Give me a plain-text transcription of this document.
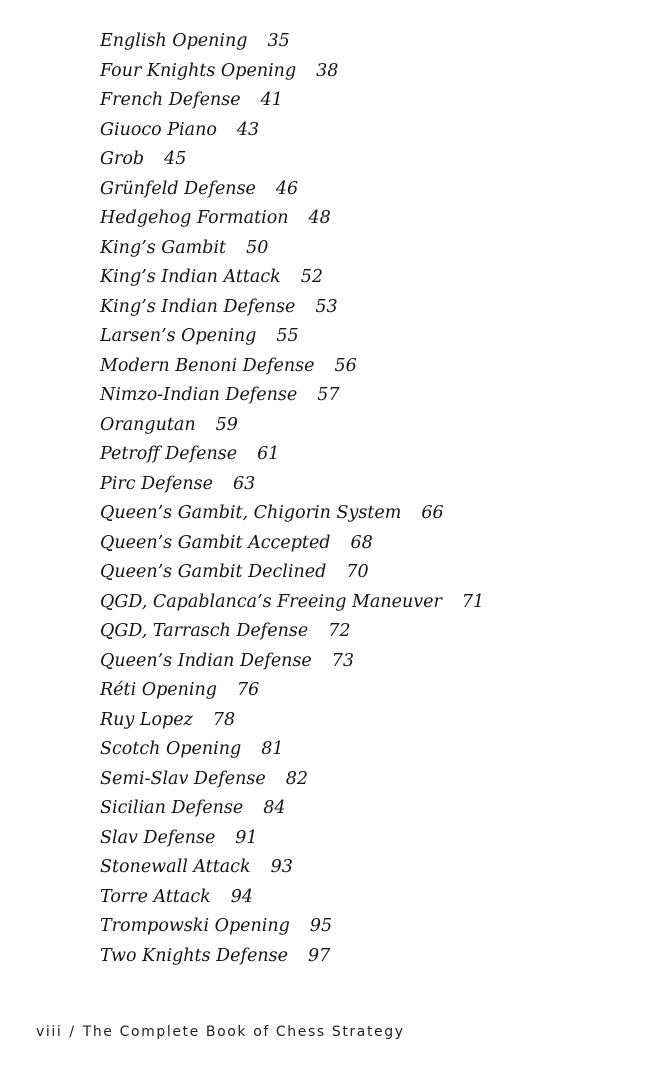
English Opening 35
Four Knights Opening 38
French Defense 41
Giuoco Piano 43
Grob 45
Grünfeld Defense 46
Hedgehog Formation 48
King’s Gambit 50
King’s Indian Attack 52
King’s Indian Defense 53
Larsen’s Opening 55
Modern Benoni Defense 56
Nimzo-Indian Defense 57
Orangutan 59
Petroff Defense 61
Pirc Defense 63
Queen’s Gambit, Chigorin System 66
Queen’s Gambit Accepted 68
Queen’s Gambit Declined 70
QGD, Capablanca’s Freeing Maneuver 71
QGD, Tarrasch Defense 72
Queen’s Indian Defense 73
Réti Opening 76
Ruy Lopez 78
Scotch Opening 81
Semi-Slav Defense 82
Sicilian Defense 84
Slav Defense 91
Stonewall Attack 93
Torre Attack 94
Trompowski Opening 95
Two Knights Defense 97
viii / The Complete Book of Chess Strategy
